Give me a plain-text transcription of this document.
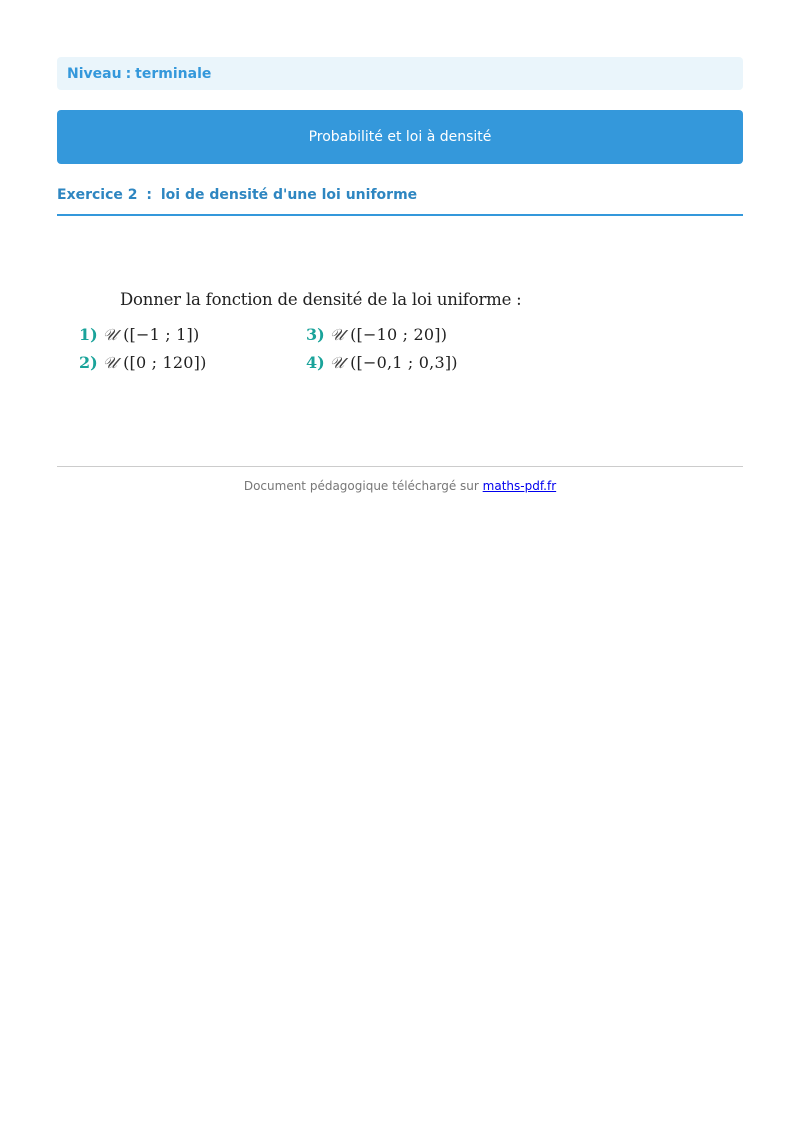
Niveau : terminale
Probabilité et loi à densité
Exercice 2 : loi de densité d'une loi uniforme
Donner la fonction de densité de la loi uniforme :
1) 𝒰 ([−1 ; 1])
2) 𝒰 ([0 ; 120])
3) 𝒰 ([−10 ; 20])
4) 𝒰 ([−0,1 ; 0,3])
Document pédagogique téléchargé sur maths-pdf.fr
